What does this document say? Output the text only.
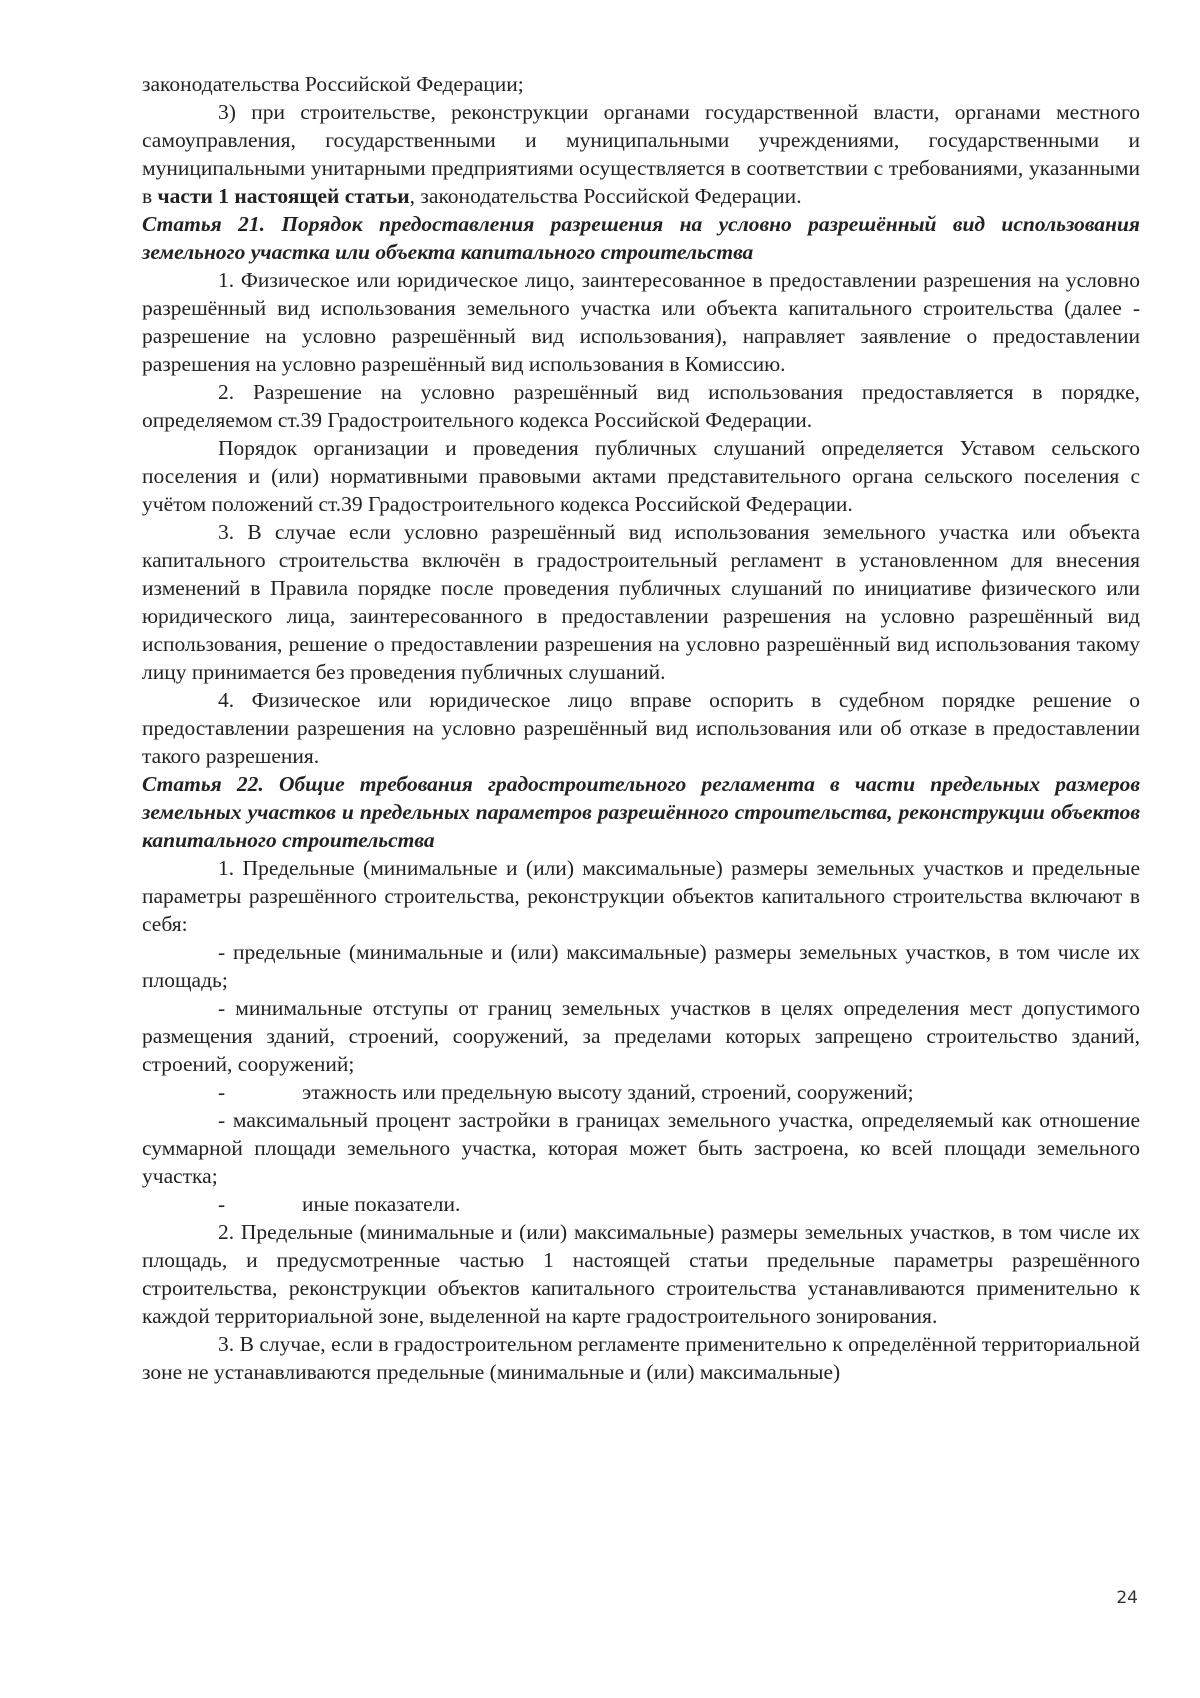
законодательства Российской Федерации;

3) при строительстве, реконструкции органами государственной власти, органами местного самоуправления, государственными и муниципальными учреждениями, государственными и муниципальными унитарными предприятиями осуществляется в соответствии с требованиями, указанными в части 1 настоящей статьи, законодательства Российской Федерации.

Статья 21. Порядок предоставления разрешения на условно разрешённый вид использования земельного участка или объекта капитального строительства

1. Физическое или юридическое лицо, заинтересованное в предоставлении разрешения на условно разрешённый вид использования земельного участка или объекта капитального строительства (далее - разрешение на условно разрешённый вид использования), направляет заявление о предоставлении разрешения на условно разрешённый вид использования в Комиссию.

2. Разрешение на условно разрешённый вид использования предоставляется в порядке, определяемом ст.39 Градостроительного кодекса Российской Федерации.

Порядок организации и проведения публичных слушаний определяется Уставом сельского поселения и (или) нормативными правовыми актами представительного органа сельского поселения с учётом положений ст.39 Градостроительного кодекса Российской Федерации.

3. В случае если условно разрешённый вид использования земельного участка или объекта капитального строительства включён в градостроительный регламент в установленном для внесения изменений в Правила порядке после проведения публичных слушаний по инициативе физического или юридического лица, заинтересованного в предоставлении разрешения на условно разрешённый вид использования, решение о предоставлении разрешения на условно разрешённый вид использования такому лицу принимается без проведения публичных слушаний.

4. Физическое или юридическое лицо вправе оспорить в судебном порядке решение о предоставлении разрешения на условно разрешённый вид использования или об отказе в предоставлении такого разрешения.

Статья 22. Общие требования градостроительного регламента в части предельных размеров земельных участков и предельных параметров разрешённого строительства, реконструкции объектов капитального строительства

1. Предельные (минимальные и (или) максимальные) размеры земельных участков и предельные параметры разрешённого строительства, реконструкции объектов капитального строительства включают в себя:

- предельные (минимальные и (или) максимальные) размеры земельных участков, в том числе их площадь;

- минимальные отступы от границ земельных участков в целях определения мест допустимого размещения зданий, строений, сооружений, за пределами которых запрещено строительство зданий, строений, сооружений;

-	этажность или предельную высоту зданий, строений, сооружений;

- максимальный процент застройки в границах земельного участка, определяемый как отношение суммарной площади земельного участка, которая может быть застроена, ко всей площади земельного участка;

-	иные показатели.

2. Предельные (минимальные и (или) максимальные) размеры земельных участков, в том числе их площадь, и предусмотренные частью 1 настоящей статьи предельные параметры разрешённого строительства, реконструкции объектов капитального строительства устанавливаются применительно к каждой территориальной зоне, выделенной на карте градостроительного зонирования.

3. В случае, если в градостроительном регламенте применительно к определённой территориальной зоне не устанавливаются предельные (минимальные и (или) максимальные)

24
